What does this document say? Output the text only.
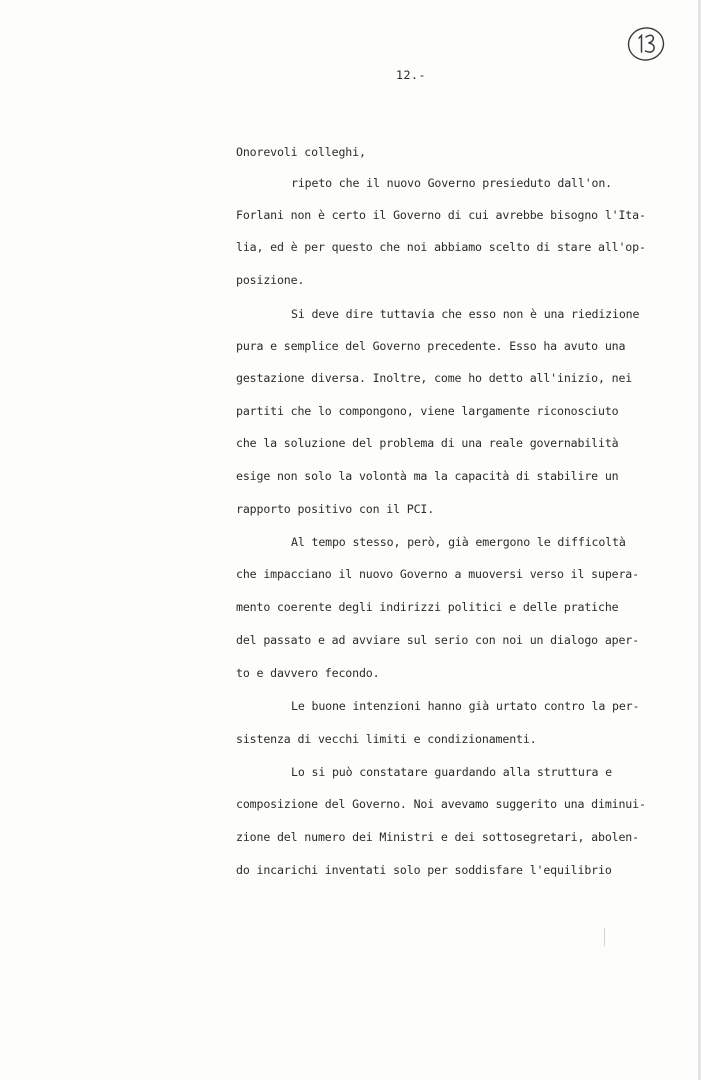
12.-
Onorevoli colleghi,
ripeto che il nuovo Governo presieduto dall'on.
Forlani non è certo il Governo di cui avrebbe bisogno l'Ita-
lia, ed è per questo che noi abbiamo scelto di stare all'op-
posizione.
Si deve dire tuttavia che esso non è una riedizione
pura e semplice del Governo precedente. Esso ha avuto una
gestazione diversa. Inoltre, come ho detto all'inizio, nei
partiti che lo compongono, viene largamente riconosciuto
che la soluzione del problema di una reale governabilità
esige non solo la volontà ma la capacità di stabilire un
rapporto positivo con il PCI.
Al tempo stesso, però, già emergono le difficoltà
che impacciano il nuovo Governo a muoversi verso il supera-
mento coerente degli indirizzi politici e delle pratiche
del passato e ad avviare sul serio con noi un dialogo aper-
to e davvero fecondo.
Le buone intenzioni hanno già urtato contro la per-
sistenza di vecchi limiti e condizionamenti.
Lo si può constatare guardando alla struttura e
composizione del Governo. Noi avevamo suggerito una diminui-
zione del numero dei Ministri e dei sottosegretari, abolen-
do incarichi inventati solo per soddisfare l'equilibrio
